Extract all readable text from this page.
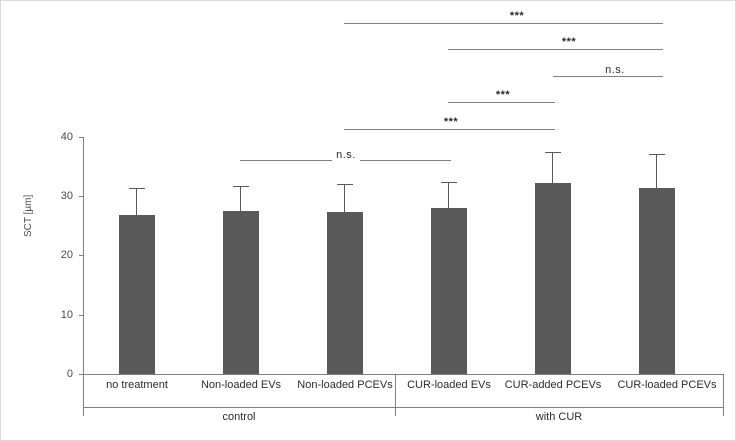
SCT [µm]
40
30
20
10
0
no treatment	Non-loaded EVs Non-loaded PCEVs CUR-loaded EVs CUR-added PCEVs CUR-loaded PCEVs
control	with CUR
n.s.
***
***
n.s.
***
***
